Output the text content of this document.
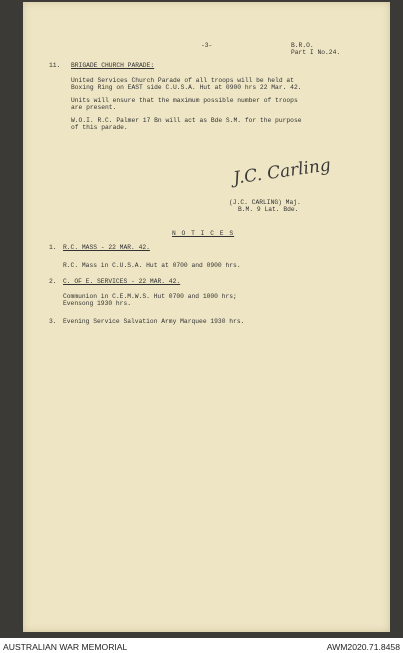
-3-	B.R.O.
Part I No.24.
11. BRIGADE CHURCH PARADE:
United Services Church Parade of all troops will be held at
Boxing Ring on EAST side C.U.S.A. Hut at 0900 hrs 22 Mar. 42.
Units will ensure that the maximum possible number of troops
are present.
W.O.I. R.C. Palmer 17 Bn will act as Bde S.M. for the purpose
of this parade.
J.C. Carling
(J.C. CARLING) Maj.
B.M. 9 Lat. Bde.
N O T I C E S
1. R.C. MASS - 22 MAR. 42.
R.C. Mass in C.U.S.A. Hut at 0700 and 0900 hrs.
2. C. OF E. SERVICES - 22 MAR. 42.
Communion in C.E.M.W.S. Hut 0700 and 1000 hrs;
Evensong 1930 hrs.
3. Evening Service Salvation Army Marquee 1930 hrs.
AUSTRALIAN WAR MEMORIAL	AWM2020.71.8458
